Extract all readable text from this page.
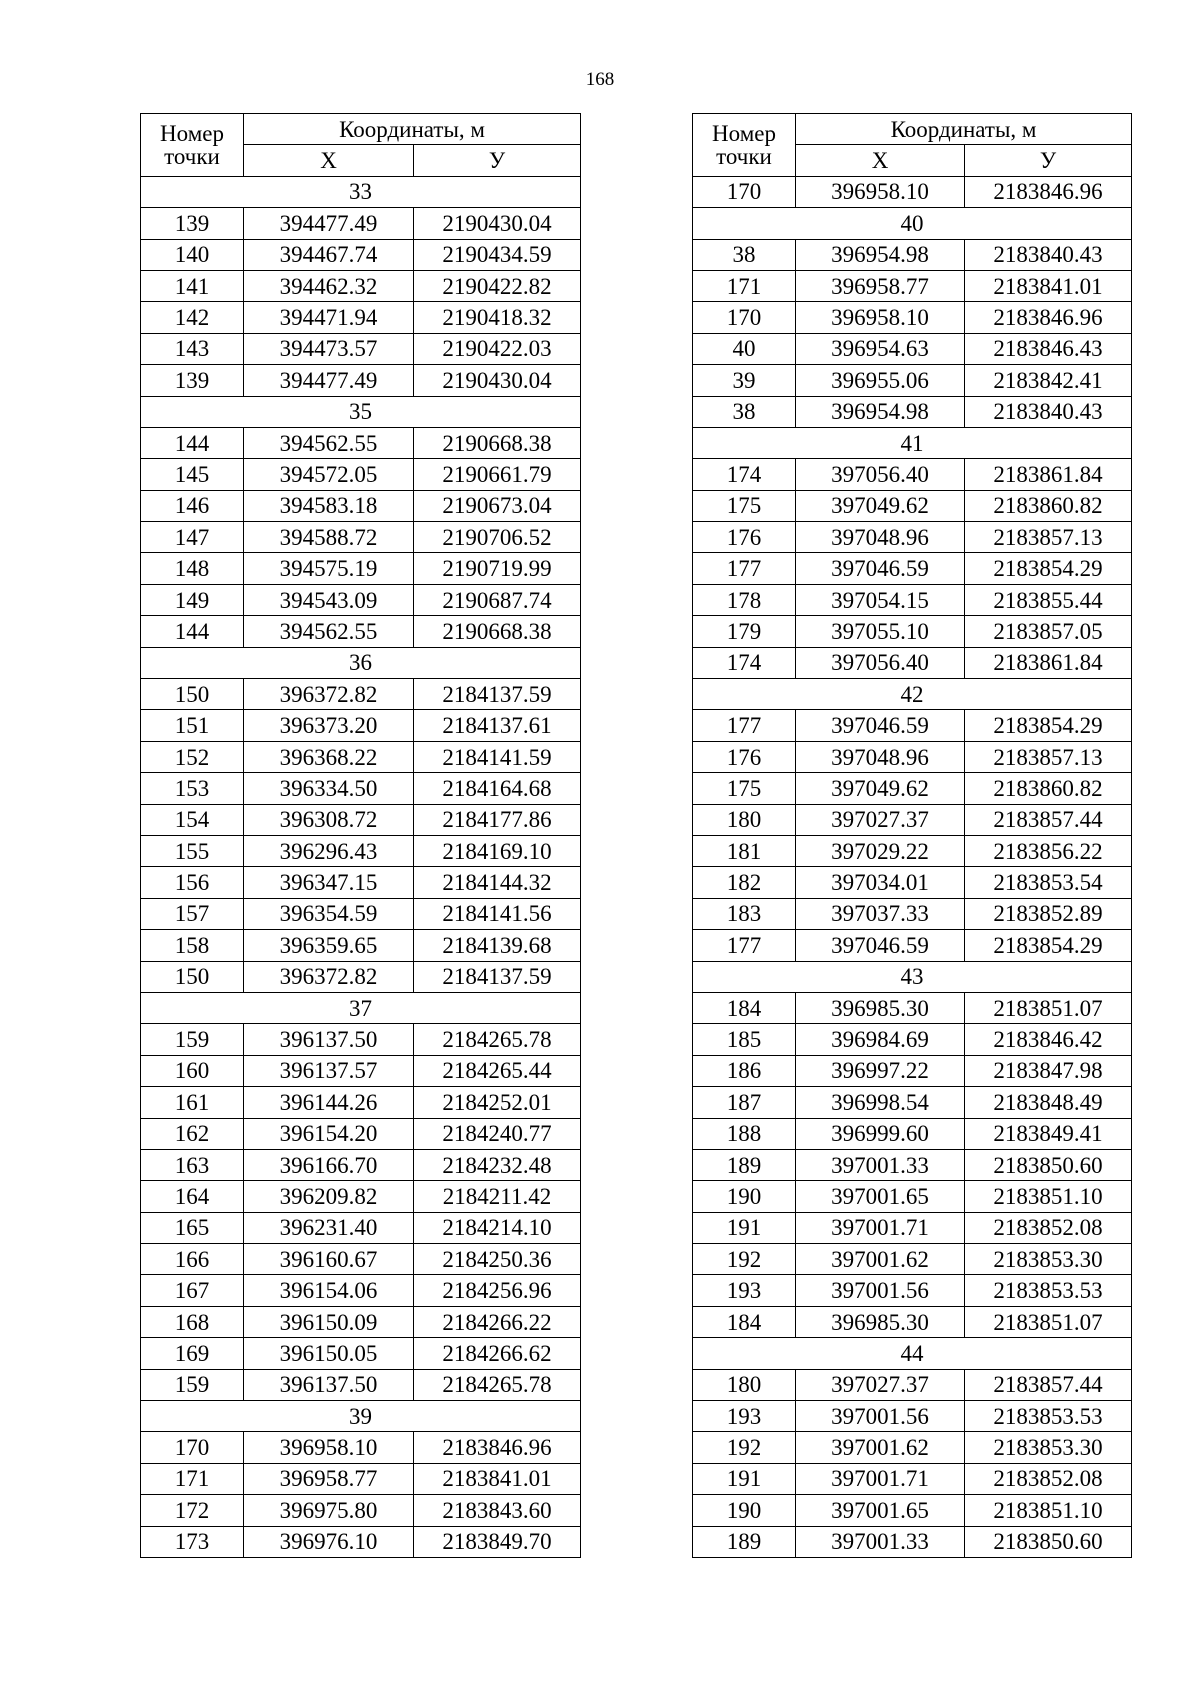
168
Номер
точки	Координаты, м	
	X	У
33		
139	394477.49	2190430.04
140	394467.74	2190434.59
141	394462.32	2190422.82
142	394471.94	2190418.32
143	394473.57	2190422.03
139	394477.49	2190430.04
35		
144	394562.55	2190668.38
145	394572.05	2190661.79
146	394583.18	2190673.04
147	394588.72	2190706.52
148	394575.19	2190719.99
149	394543.09	2190687.74
144	394562.55	2190668.38
36		
150	396372.82	2184137.59
151	396373.20	2184137.61
152	396368.22	2184141.59
153	396334.50	2184164.68
154	396308.72	2184177.86
155	396296.43	2184169.10
156	396347.15	2184144.32
157	396354.59	2184141.56
158	396359.65	2184139.68
150	396372.82	2184137.59
37		
159	396137.50	2184265.78
160	396137.57	2184265.44
161	396144.26	2184252.01
162	396154.20	2184240.77
163	396166.70	2184232.48
164	396209.82	2184211.42
165	396231.40	2184214.10
166	396160.67	2184250.36
167	396154.06	2184256.96
168	396150.09	2184266.22
169	396150.05	2184266.62
159	396137.50	2184265.78
39		
170	396958.10	2183846.96
171	396958.77	2183841.01
172	396975.80	2183843.60
173	396976.10	2183849.70
Номер
точки	Координаты, м	
	X	У
170	396958.10	2183846.96
40		
38	396954.98	2183840.43
171	396958.77	2183841.01
170	396958.10	2183846.96
40	396954.63	2183846.43
39	396955.06	2183842.41
38	396954.98	2183840.43
41		
174	397056.40	2183861.84
175	397049.62	2183860.82
176	397048.96	2183857.13
177	397046.59	2183854.29
178	397054.15	2183855.44
179	397055.10	2183857.05
174	397056.40	2183861.84
42		
177	397046.59	2183854.29
176	397048.96	2183857.13
175	397049.62	2183860.82
180	397027.37	2183857.44
181	397029.22	2183856.22
182	397034.01	2183853.54
183	397037.33	2183852.89
177	397046.59	2183854.29
43		
184	396985.30	2183851.07
185	396984.69	2183846.42
186	396997.22	2183847.98
187	396998.54	2183848.49
188	396999.60	2183849.41
189	397001.33	2183850.60
190	397001.65	2183851.10
191	397001.71	2183852.08
192	397001.62	2183853.30
193	397001.56	2183853.53
184	396985.30	2183851.07
44		
180	397027.37	2183857.44
193	397001.56	2183853.53
192	397001.62	2183853.30
191	397001.71	2183852.08
190	397001.65	2183851.10
189	397001.33	2183850.60
